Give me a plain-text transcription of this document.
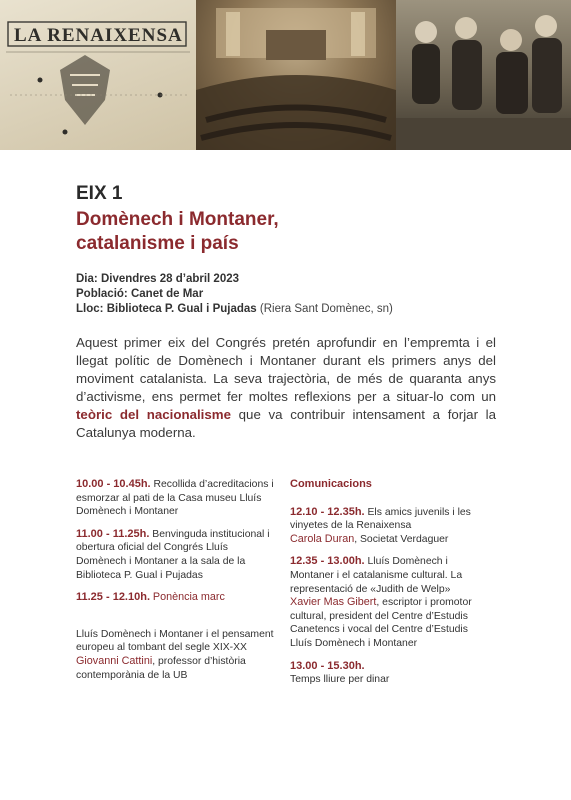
LA RENAIXENSA
EIX 1
Domènech i Montaner,
catalanisme i país
Dia: Divendres 28 d’abril 2023
Població: Canet de Mar
Lloc: Biblioteca P. Gual i Pujadas (Riera Sant Domènec, sn)

Aquest primer eix del Congrés pretén aprofundir en l’empremta i el llegat polític de Domènech i Montaner durant els primers anys del moviment catalanista. La seva trajectòria, de més de quaranta anys d’activisme, ens permet fer moltes reflexions per a situar-lo com un teòric del nacionalisme que va contribuir intensament a forjar la Catalunya moderna.

10.00 - 10.45h. Recollida d’acreditacions i esmorzar al pati de la Casa museu Lluís Domènech i Montaner
11.00 - 11.25h. Benvinguda institucional i obertura oficial del Congrés Lluís Domènech i Montaner a la sala de la Biblioteca P. Gual i Pujadas
11.25 - 12.10h. Ponència marc
Lluís Domènech i Montaner i el pensament europeu al tombant del segle XIX-XX
Giovanni Cattini, professor d’història contemporània de la UB
Comunicacions
12.10 - 12.35h. Els amics juvenils i les vinyetes de la Renaixensa
Carola Duran, Societat Verdaguer
12.35 - 13.00h. Lluís Domènech i Montaner i el catalanisme cultural. La representació de «Judith de Welp»
Xavier Mas Gibert, escriptor i promotor cultural, president del Centre d’Estudis Canetencs i vocal del Centre d’Estudis Lluís Domènech i Montaner
13.00 - 15.30h.
Temps lliure per dinar
